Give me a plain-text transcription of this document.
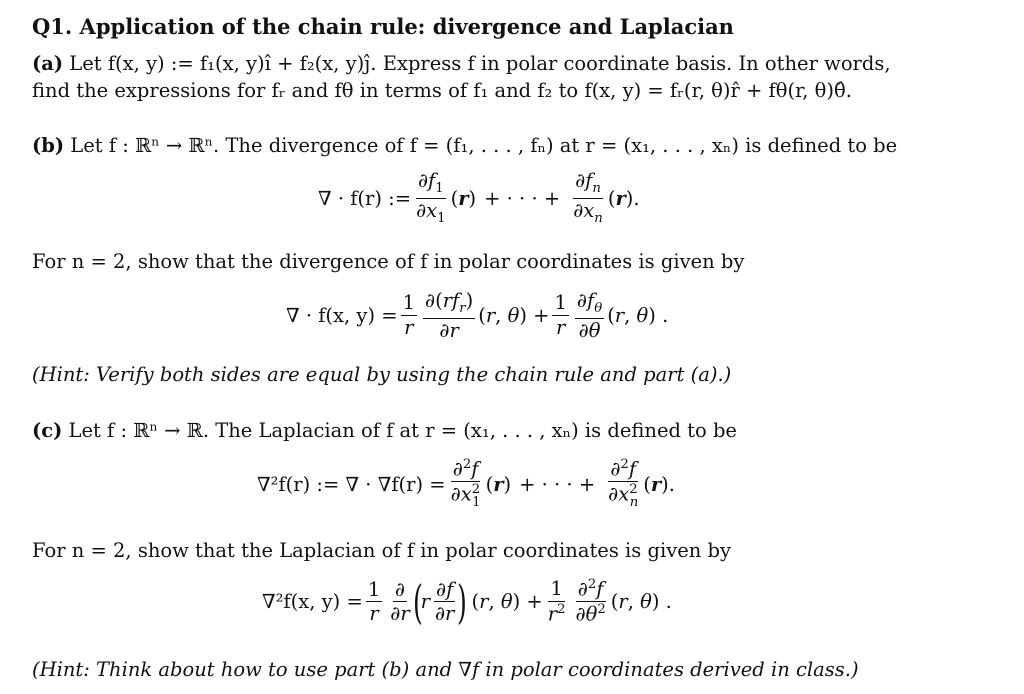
Q1. Application of the chain rule: divergence and Laplacian
(a) Let f(x, y) := f₁(x, y)î + f₂(x, y)ĵ. Express f in polar coordinate basis. In other words,
find the expressions for fᵣ and fθ in terms of f₁ and f₂ to f(x, y) = fᵣ(r, θ)r̂ + fθ(r, θ)θ̂.
(b) Let f : ℝⁿ → ℝⁿ. The divergence of f = (f₁, . . . , fₙ) at r = (x₁, . . . , xₙ) is defined to be
∇ · f(r) := $\frac{\partial f_1}{\partial x_1} (r)$ + · · · + $\frac{\partial f_n}{\partial x_n} (r)$.
For n = 2, show that the divergence of f in polar coordinates is given by
∇ · f(x, $y) = \frac{1}{r} \frac{\partial(rf_r)}{\partial r} (r$, $\theta) + \frac{1}{r} \frac{\partial f_\theta}{\partial\theta} (r$, θ) .
(Hint: Verify both sides are equal by using the chain rule and part (a).)
(c) Let f : ℝⁿ → ℝ. The Laplacian of f at r = (x₁, . . . , xₙ) is defined to be
∇²f(r) := ∇ · $\nabla f(r) = \frac{\partial^2f}{\partial x^2_1} (r)$ + · · · + $\frac{\partial^2f}{\partial x^2_n} (r)$.
For n = 2, show that the Laplacian of f in polar coordinates is given by
∇²f(x, $y) = \frac{1}{r} \frac{\partial}{\partial r}$ (
r $\frac{\partial f}{\partial r}$ )
(r, $\theta) + \frac{1}{r^2} \frac{\partial^2f}{\partial\theta^2} (r$, θ) .
(Hint: Think about how to use part (b) and ∇f in polar coordinates derived in class.)
